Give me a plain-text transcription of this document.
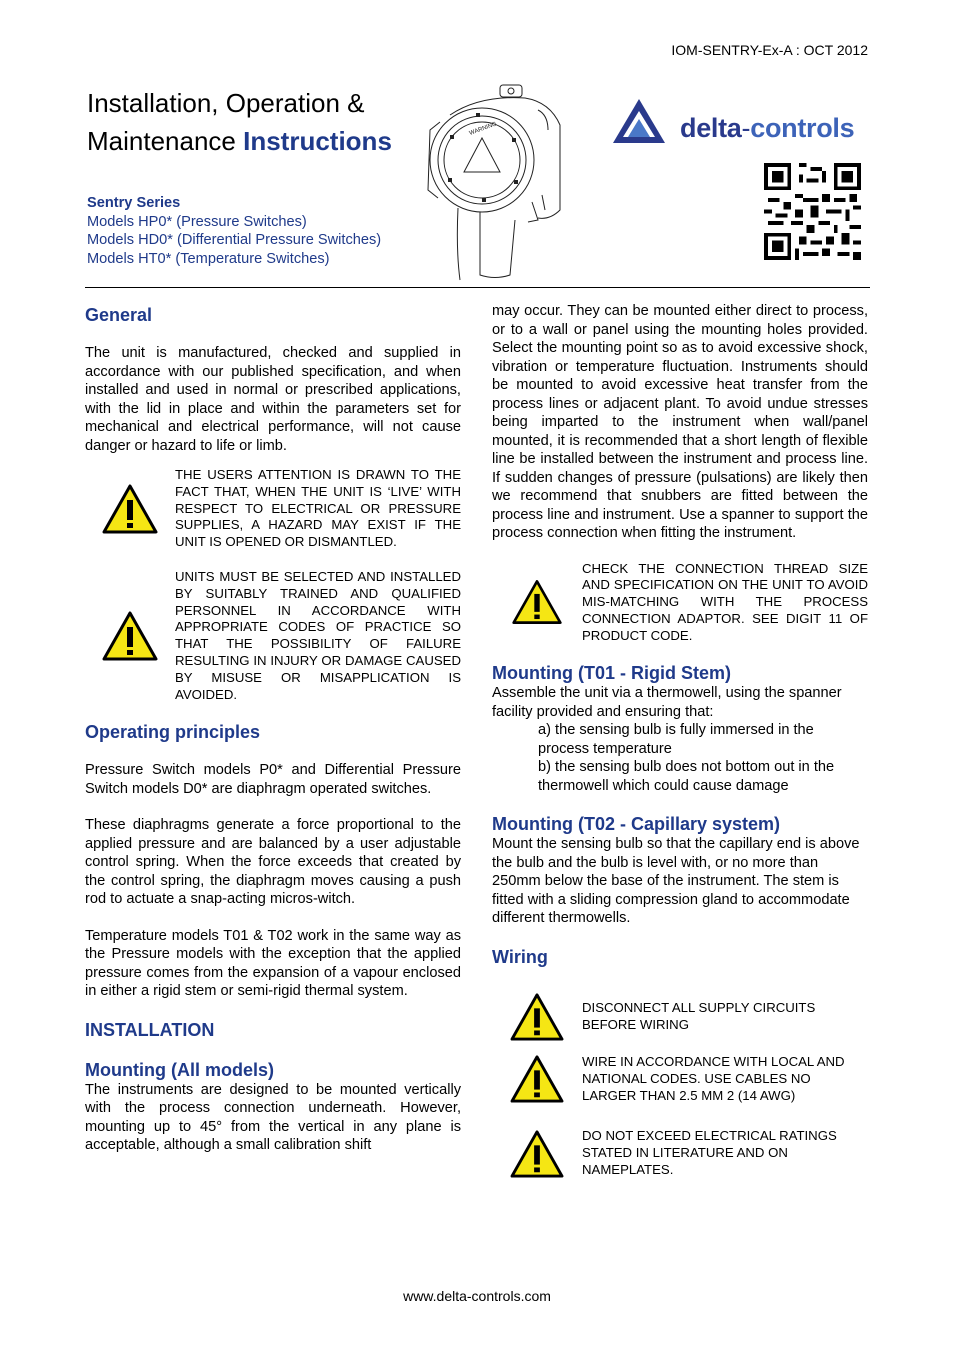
IOM-SENTRY-Ex-A : OCT 2012
Installation, Operation &
Maintenance Instructions
Sentry Series
Models HP0* (Pressure Switches)
Models HD0* (Differential Pressure Switches)
Models HT0* (Temperature Switches)
WARNING	delta-controls
General

The unit is manufactured, checked and supplied in accordance with our published specification, and when installed and used in normal or prescribed applications, with the lid in place and within the parameters set for mechanical and electrical performance, will not cause danger or hazard to life or limb.

THE USERS ATTENTION IS DRAWN TO THE FACT THAT, WHEN THE UNIT IS ‘LIVE’ WITH RESPECT TO ELECTRICAL OR PRESSURE SUPPLIES, A HAZARD MAY EXIST IF THE UNIT IS OPENED OR DISMANTLED.
UNITS MUST BE SELECTED AND INSTALLED BY SUITABLY TRAINED AND QUALIFIED PERSONNEL IN ACCORDANCE WITH APPROPRIATE CODES OF PRACTICE SO THAT THE POSSIBILITY OF FAILURE RESULTING IN INJURY OR DAMAGE CAUSED BY MISUSE OR MISAPPLICATION IS AVOIDED.
Operating principles

Pressure Switch models P0* and Differential Pressure Switch models D0* are diaphragm operated switches.

These diaphragms generate a force proportional to the applied pressure and are balanced by a user adjustable control spring. When the force exceeds that created by the control spring, the diaphragm moves causing a push rod to actuate a snap-acting micros-witch.

Temperature models T01 & T02 work in the same way as the Pressure models with the exception that the applied pressure comes from the expansion of a vapour enclosed in either a rigid stem or semi-rigid thermal system.

INSTALLATION
Mounting (All models)

The instruments are designed to be mounted vertically with the process connection underneath. However, mounting up to 45° from the vertical in any plane is acceptable, although a small calibration shift

may occur. They can be mounted either direct to process, or to a wall or panel using the mounting holes provided. Select the mounting point so as to avoid excessive shock, vibration or temperature fluctuation. Instruments should be mounted to avoid excessive heat transfer from the process lines or adjacent plant. To avoid undue stresses being imparted to the instrument when wall/panel mounted, it is recommended that a short length of flexible line be installed between the instrument and process line. If sudden changes of pressure (pulsations) are likely then we recommend that snubbers are fitted between the process line and instrument. Use a spanner to support the process connection when fitting the instrument.

CHECK THE CONNECTION THREAD SIZE AND SPECIFICATION ON THE UNIT TO AVOID MIS-MATCHING WITH THE PROCESS CONNECTION ADAPTOR. SEE DIGIT 11 OF PRODUCT CODE.
Mounting (T01 - Rigid Stem)

Assemble the unit via a thermowell, using the spanner facility provided and ensuring that:

a) the sensing bulb is fully immersed in the process temperature

b) the sensing bulb does not bottom out in the thermowell which could cause damage

Mounting (T02 - Capillary system)

Mount the sensing bulb so that the capillary end is above the bulb and the bulb is level with, or no more than 250mm below the base of the instrument. The stem is fitted with a sliding compression gland to accommodate different thermowells.

Wiring
DISCONNECT ALL SUPPLY CIRCUITS BEFORE WIRING
WIRE IN ACCORDANCE WITH LOCAL AND NATIONAL CODES. USE CABLES NO LARGER THAN 2.5 MM 2 (14 AWG)
DO NOT EXCEED ELECTRICAL RATINGS STATED IN LITERATURE AND ON NAMEPLATES.
www.delta-controls.com
